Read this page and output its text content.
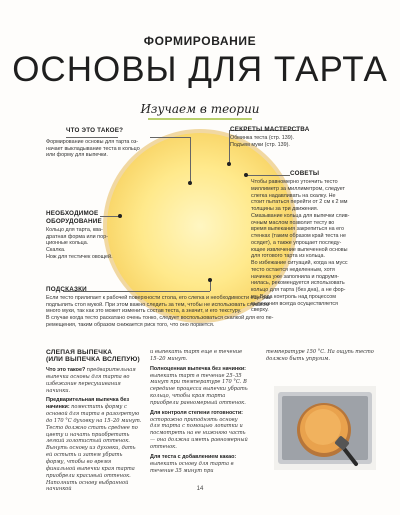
ФОРМИРОВАНИЕ
ОСНОВЫ ДЛЯ ТАРТА
Изучаем в теории
ЧТО ЭТО ТАКОЕ?
Формирование основы для тарта оз-
начает выкладывание теста в кольцо
или форму для выпечки.
СЕКРЕТЫ МАСТЕРСТВА
Обминка теста (стр. 139).
Подъем муки (стр. 139).
НЕОБХОДИМОЕ
ОБОРУДОВАНИЕ
Кольцо для тарта, ква-
дратная форма или пор-
ционные кольца.
Скалка.
Нож для тестичек овощей.
СОВЕТЫ
Чтобы равномерно утончить тесто
миллиметр за миллиметром, следует
слегка надавливать на скалку. Не
стоит пытаться перейти от 2 см к 2 мм
толщины за три движения.
Смазывание кольца для выпечки слив-
очным маслом позволит тесту во
время выпекания закрепиться на его
стенках (таким образом край теста не
осядет), а также упрощает последу-
ющее извлечение выпеченной основы
для готового тарта из кольца.
Во избежание ситуаций, когда на мусс
тесто остается неделенным, хотя
начинка уже заполнила и подрумя-
нилась, рекомендуется использовать
кольцо для тарта (без дна), а не фор-
му. Вода контроль над процессом
выпекания всегда осуществляется
сверху.
ПОДСКАЗКИ
Если тесто прилипает к рабочей поверхности стола, его слегка и необходимости еще раз
подпылить стол мукой. При этом важно следить за тем, чтобы не использовать слишком
много муки, так как это может изменить состав теста, а значит, и его текстуру.
В случае когда тесто раскатано очень тонко, следует воспользоваться скалкой для его пе-
ремещения, таким образом снижается риск того, что оно порвется.
СЛЕПАЯ ВЫПЕЧКА
(ИЛИ ВЫПЕЧКА ВСЛЕПУЮ)
Что это такое? предварительная выпечка основы для тарта во избежание пересушивания начинки.
Предварительная выпечка без начинки: поместить форму с основой для тарта в разогретую до 170 °С духовку на 15–20 минут. Тесто должно стать среднее по цвету и начать приобретать легкий золотистый оттенок. Вынуть основу из духовки, дать ей остыть и затем убрать форму, чтобы во время финальной выпечки края тарта приобрели красивый оттенок. Наполнить основу выбранной начинкой
и выпекать тарт еще в течение 15–20 минут.
Полноценная выпечка без начинки: выпекать тарт в течение 25–35 минут при температуре 170 °С. В середине процесса выпечки убрать кольцо, чтобы края тарта приобрели равномерный оттенок.
Для контроля степени готовности: осторожно приподнять основу для тарта с помощью лопатки и посмотреть на ее нижнюю часть — она должна иметь равномерный оттенок.
Для теста с добавлением какао: выпекать основу для тарта в течение 35 минут при
температуре 150 °С. На ощупь тесто должно быть упругим.
14
